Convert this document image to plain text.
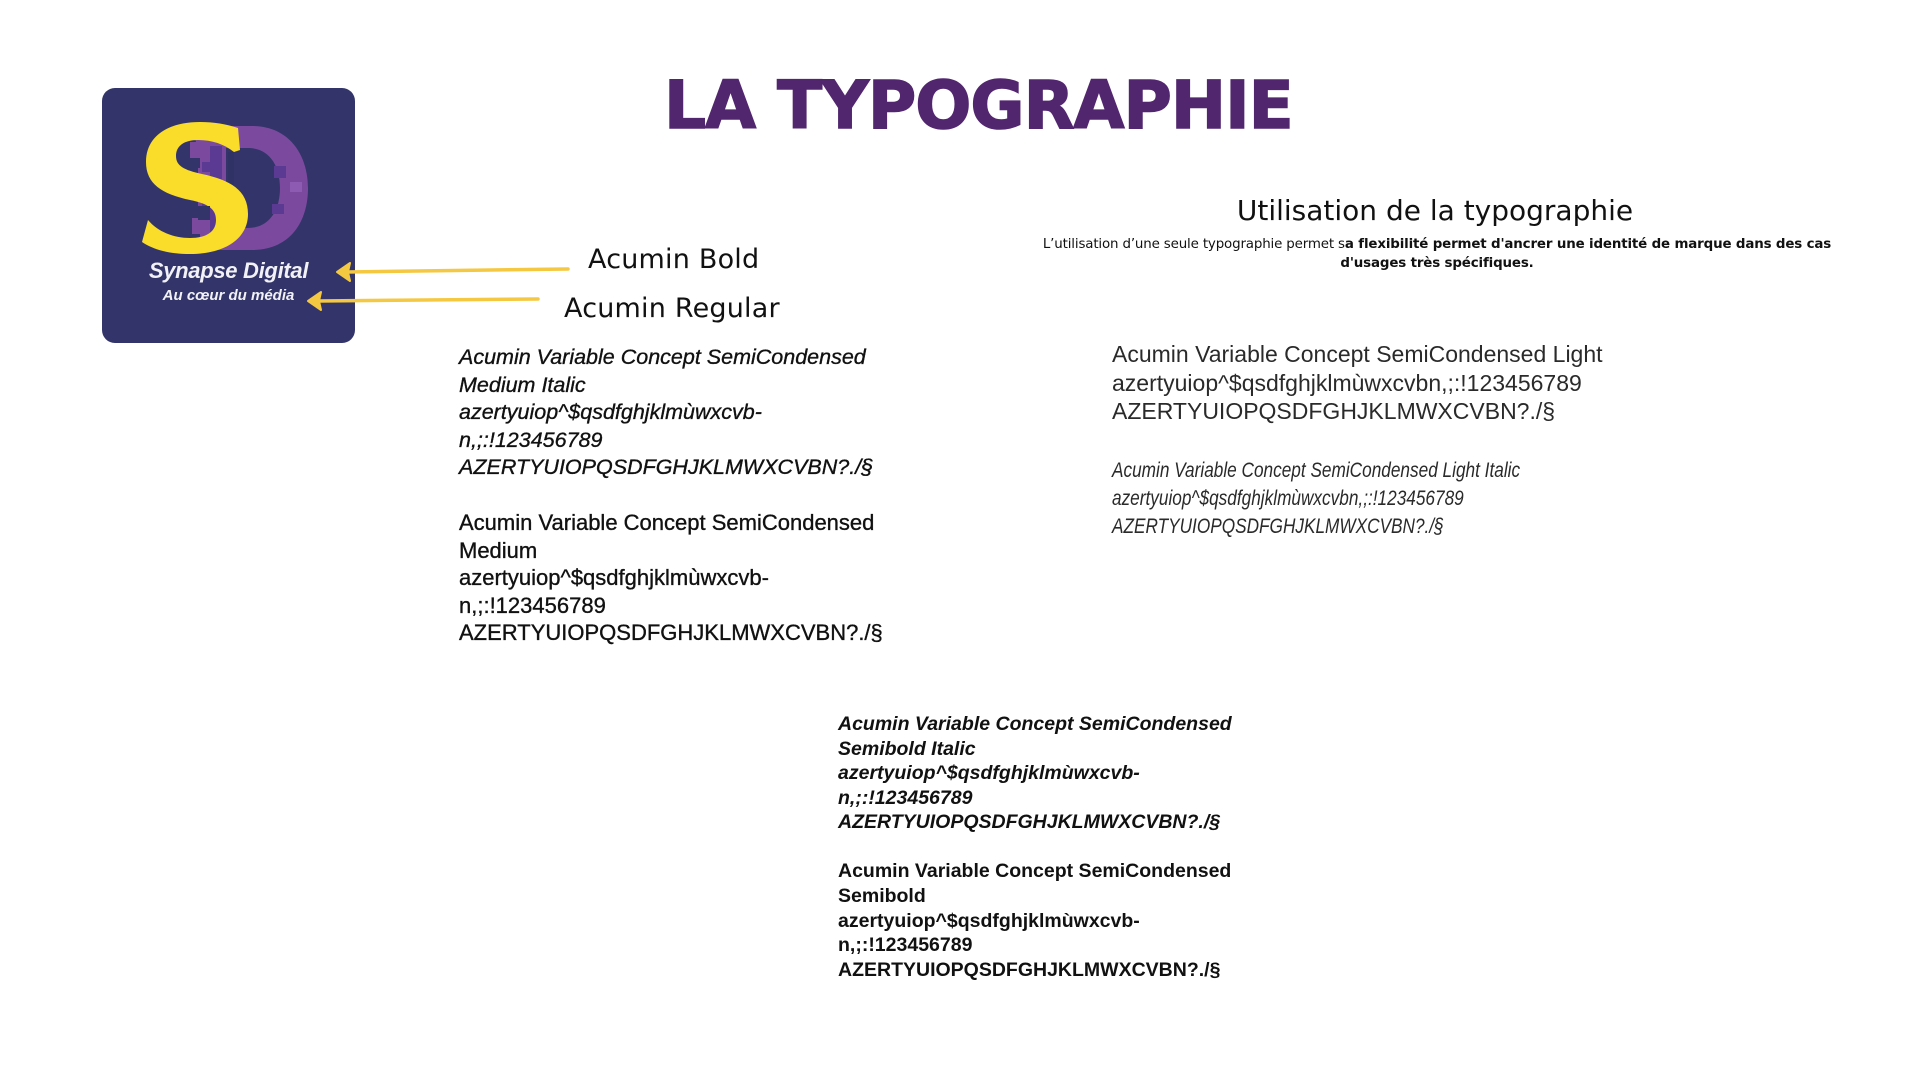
LA TYPOGRAPHIE
Synapse Digital
Au cœur du média
Acumin Bold
Acumin Regular
Utilisation de la typographie

L’utilisation d’une seule typographie permet sa flexibilité permet d'ancrer une identité de marque dans des cas d'usages très spécifiques.

Acumin Variable Concept SemiCondensed
Medium Italic
azertyuiop^$qsdfghjklmùwxcvb-
n,;:!123456789
AZERTYUIOPQSDFGHJKLMWXCVBN?./§
Acumin Variable Concept SemiCondensed
Medium
azertyuiop^$qsdfghjklmùwxcvb-
n,;:!123456789
AZERTYUIOPQSDFGHJKLMWXCVBN?./§
Acumin Variable Concept SemiCondensed Light
azertyuiop^$qsdfghjklmùwxcvbn,;:!123456789
AZERTYUIOPQSDFGHJKLMWXCVBN?./§
Acumin Variable Concept SemiCondensed Light Italic
azertyuiop^$qsdfghjklmùwxcvbn,;:!123456789
AZERTYUIOPQSDFGHJKLMWXCVBN?./§
Acumin Variable Concept SemiCondensed
Semibold Italic
azertyuiop^$qsdfghjklmùwxcvb-
n,;:!123456789
AZERTYUIOPQSDFGHJKLMWXCVBN?./§
Acumin Variable Concept SemiCondensed
Semibold
azertyuiop^$qsdfghjklmùwxcvb-
n,;:!123456789
AZERTYUIOPQSDFGHJKLMWXCVBN?./§
